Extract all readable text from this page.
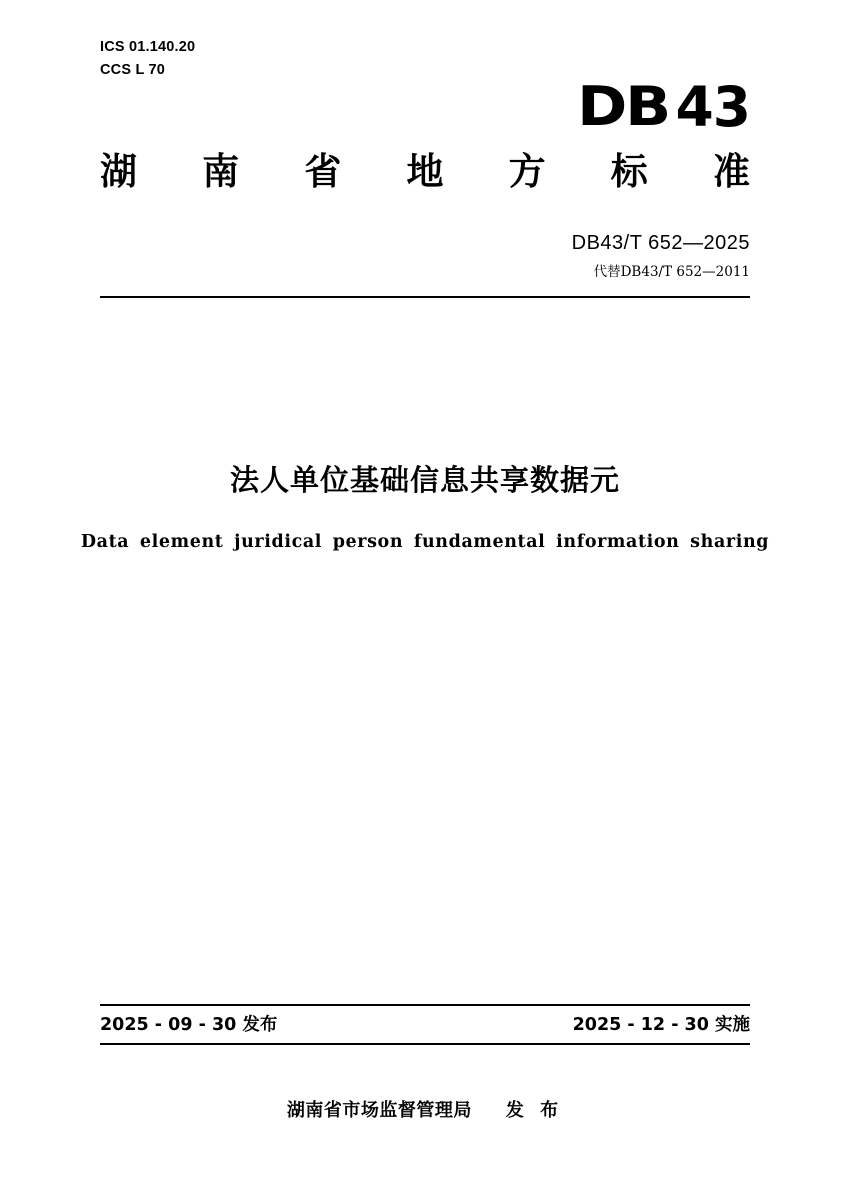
ICS 01.140.20
CCS L 70
DB 43
湖 南 省 地 方 标 准
DB43/T 652—2025
代替DB43/T 652—2011
法人单位基础信息共享数据元
Data element juridical person fundamental information sharing
2025 - 09 - 30 发布	2025 - 12 - 30 实施
湖南省市场监督管理局 发 布
